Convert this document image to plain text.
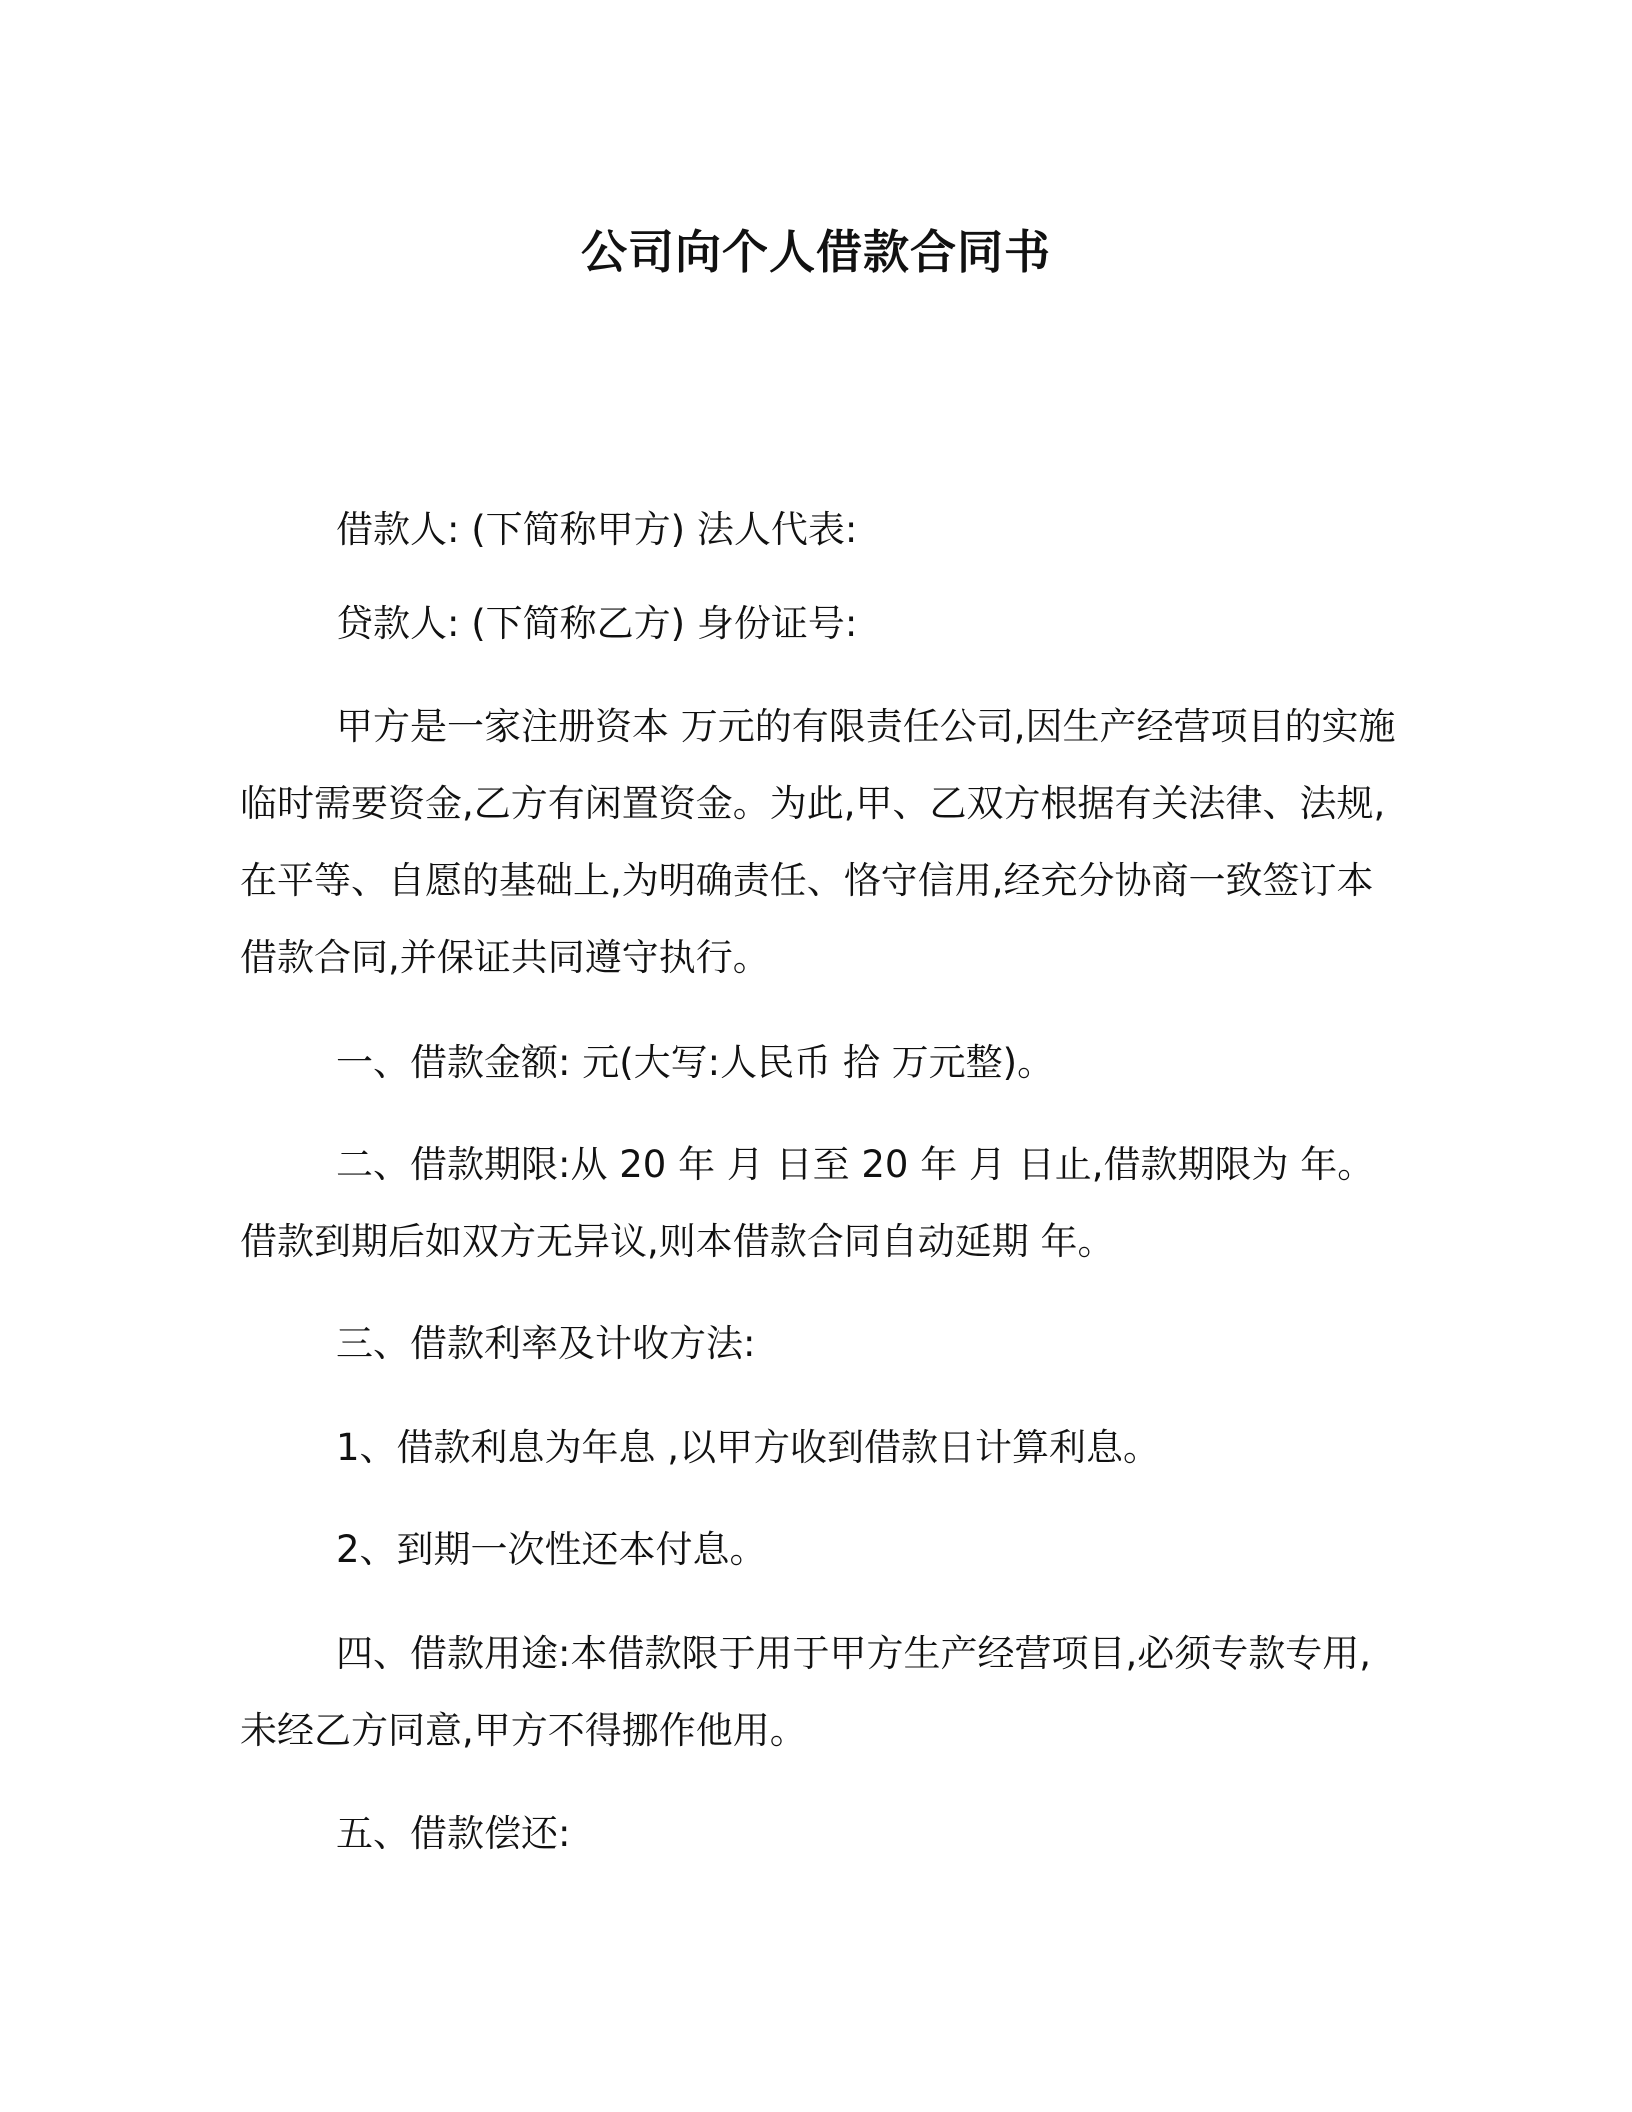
公司向个人借款合同书
借款人: (下简称甲方) 法人代表:
贷款人: (下简称乙方) 身份证号:
甲方是一家注册资本 万元的有限责任公司,因生产经营项目的实施临时需要资金,乙方有闲置资金。为此,甲、乙双方根据有关法律、法规,在平等、自愿的基础上,为明确责任、恪守信用,经充分协商一致签订本借款合同,并保证共同遵守执行。
一、借款金额: 元(大写:人民币 拾 万元整)。
二、借款期限:从 20 年 月 日至 20 年 月 日止,借款期限为 年。借款到期后如双方无异议,则本借款合同自动延期 年。
三、借款利率及计收方法:
1、借款利息为年息 ,以甲方收到借款日计算利息。
2、到期一次性还本付息。
四、借款用途:本借款限于用于甲方生产经营项目,必须专款专用,未经乙方同意,甲方不得挪作他用。
五、借款偿还:
